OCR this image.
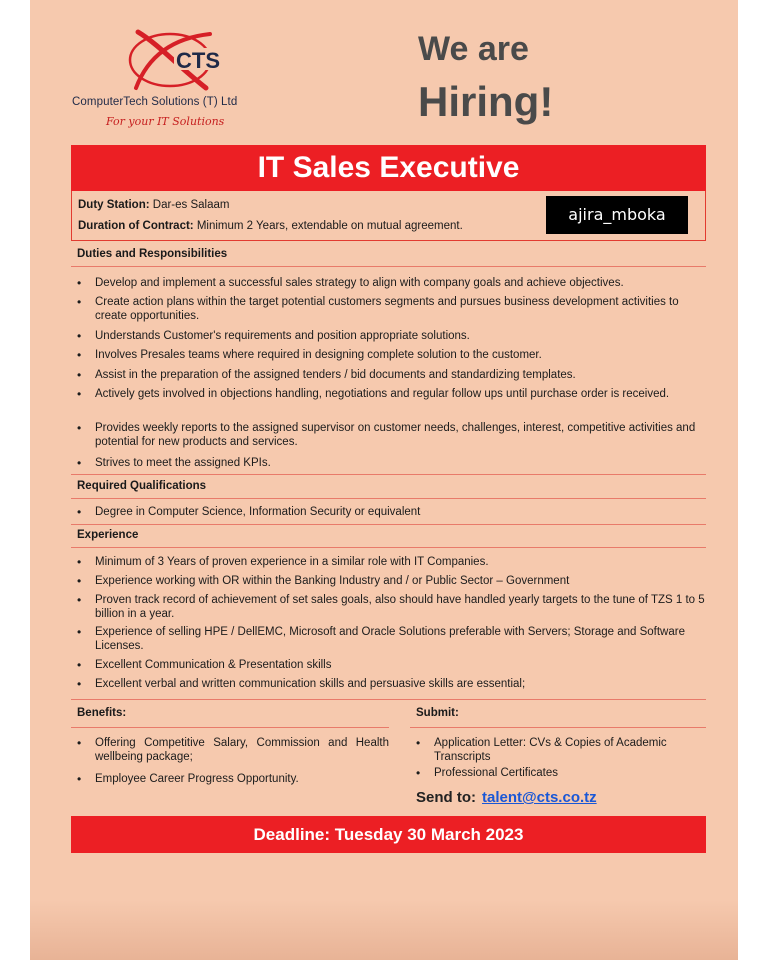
CTS
ComputerTech Solutions (T) Ltd
For your IT Solutions
We are
Hiring!
IT Sales Executive
Duty Station: Dar-es Salaam
Duration of Contract: Minimum 2 Years, extendable on mutual agreement.
ajira_mboka
Duties and Responsibilities
• Develop and implement a successful sales strategy to align with company goals and achieve objectives.
• Create action plans within the target potential customers segments and pursues business development activities to create opportunities.
• Understands Customer's requirements and position appropriate solutions.
• Involves Presales teams where required in designing complete solution to the customer.
• Assist in the preparation of the assigned tenders / bid documents and standardizing templates.
• Actively gets involved in objections handling, negotiations and regular follow ups until purchase order is received.
• Provides weekly reports to the assigned supervisor on customer needs, challenges, interest, competitive activities and potential for new products and services.
• Strives to meet the assigned KPIs.
Required Qualifications
• Degree in Computer Science, Information Security or equivalent
Experience
• Minimum of 3 Years of proven experience in a similar role with IT Companies.
• Experience working with OR within the Banking Industry and / or Public Sector – Government
• Proven track record of achievement of set sales goals, also should have handled yearly targets to the tune of TZS 1 to 5 billion in a year.
• Experience of selling HPE / DellEMC, Microsoft and Oracle Solutions preferable with Servers; Storage and Software Licenses.
• Excellent Communication & Presentation skills
• Excellent verbal and written communication skills and persuasive skills are essential;
Benefits:
• Offering Competitive Salary, Commission and Health wellbeing package;
• Employee Career Progress Opportunity.
Submit:
• Application Letter: CVs & Copies of Academic Transcripts
• Professional Certificates
Send to: talent@cts.co.tz
Deadline: Tuesday 30 March 2023
